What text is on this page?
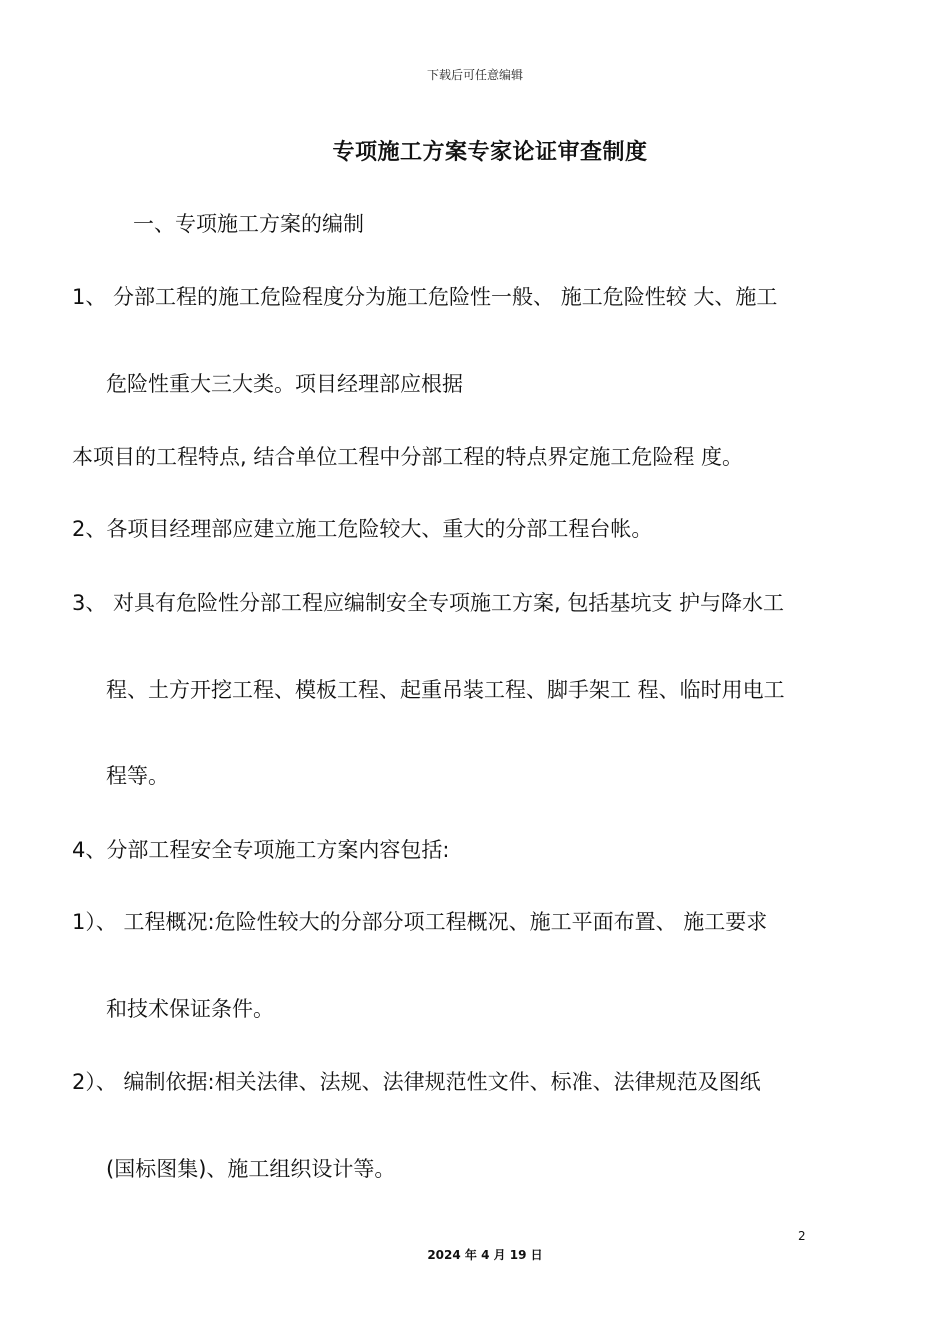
下载后可任意编辑
专项施工方案专家论证审查制度

一、专项施工方案的编制

1、 分部工程的施工危险程度分为施工危险性一般、 施工危险性较 大、施工

危险性重大三大类。项目经理部应根据

本项目的工程特点, 结合单位工程中分部工程的特点界定施工危险程 度。

2、各项目经理部应建立施工危险较大、重大的分部工程台帐。

3、 对具有危险性分部工程应编制安全专项施工方案, 包括基坑支 护与降水工

程、土方开挖工程、模板工程、起重吊装工程、脚手架工 程、临时用电工

程等。

4、分部工程安全专项施工方案内容包括:

1）、 工程概况:危险性较大的分部分项工程概况、施工平面布置、 施工要求

和技术保证条件。

2）、 编制依据:相关法律、法规、法律规范性文件、标准、法律规范及图纸

(国标图集)、施工组织设计等。

2
2024 年 4 月 19 日
